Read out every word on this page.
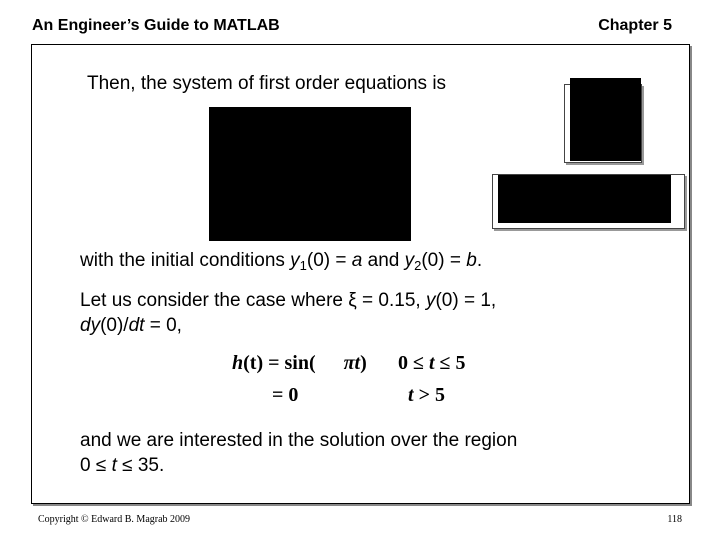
An Engineer’s Guide to MATLAB	Chapter 5
Then, the system of first order equations is
with the initial conditions $y_1(0) = a$ and $y_2(0) = b$.
Let us consider the case where ξ = 0.15, y(0) = 1,
dy(0)/dt = 0,
h(t) = sin( πt) 0 ≤ t ≤ 5
= 0	t > 5
and we are interested in the solution over the region
0 ≤ t ≤ 35.
Copyright © Edward B. Magrab 2009	118
